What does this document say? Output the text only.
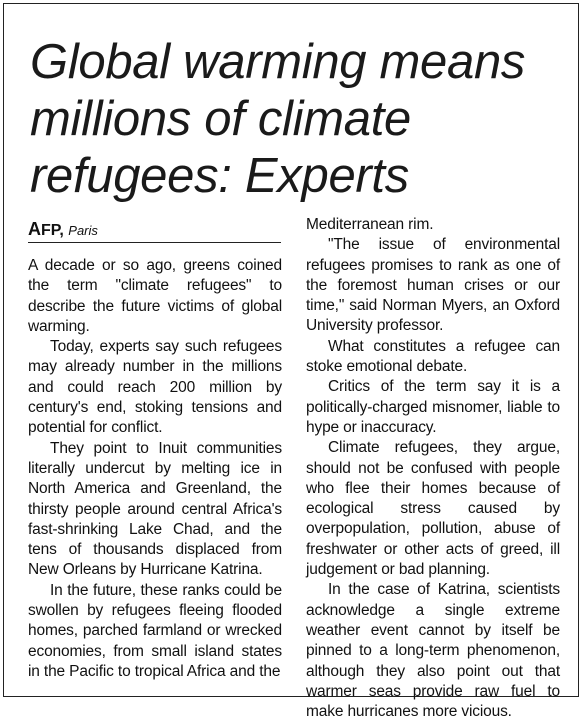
Global warming means millions of climate refugees: Experts
AFP, Paris

A decade or so ago, greens coined the term "climate refugees" to describe the future victims of global warming.

Today, experts say such refugees may already number in the millions and could reach 200 million by century's end, stoking tensions and potential for conflict.

They point to Inuit communities literally undercut by melting ice in North America and Greenland, the thirsty people around central Africa's fast-shrinking Lake Chad, and the tens of thousands displaced from New Orleans by Hurricane Katrina.

In the future, these ranks could be swollen by refugees fleeing flooded homes, parched farmland or wrecked economies, from small island states in the Pacific to tropical Africa and the

Mediterranean rim.

"The issue of environmental refugees promises to rank as one of the foremost human crises or our time," said Norman Myers, an Oxford University professor.

What constitutes a refugee can stoke emotional debate.

Critics of the term say it is a politically-charged misnomer, liable to hype or inaccuracy.

Climate refugees, they argue, should not be confused with people who flee their homes because of ecological stress caused by overpopulation, pollution, abuse of freshwater or other acts of greed, ill judgement or bad planning.

In the case of Katrina, scientists acknowledge a single extreme weather event cannot by itself be pinned to a long-term phenomenon, although they also point out that warmer seas provide raw fuel to make hurricanes more vicious.
